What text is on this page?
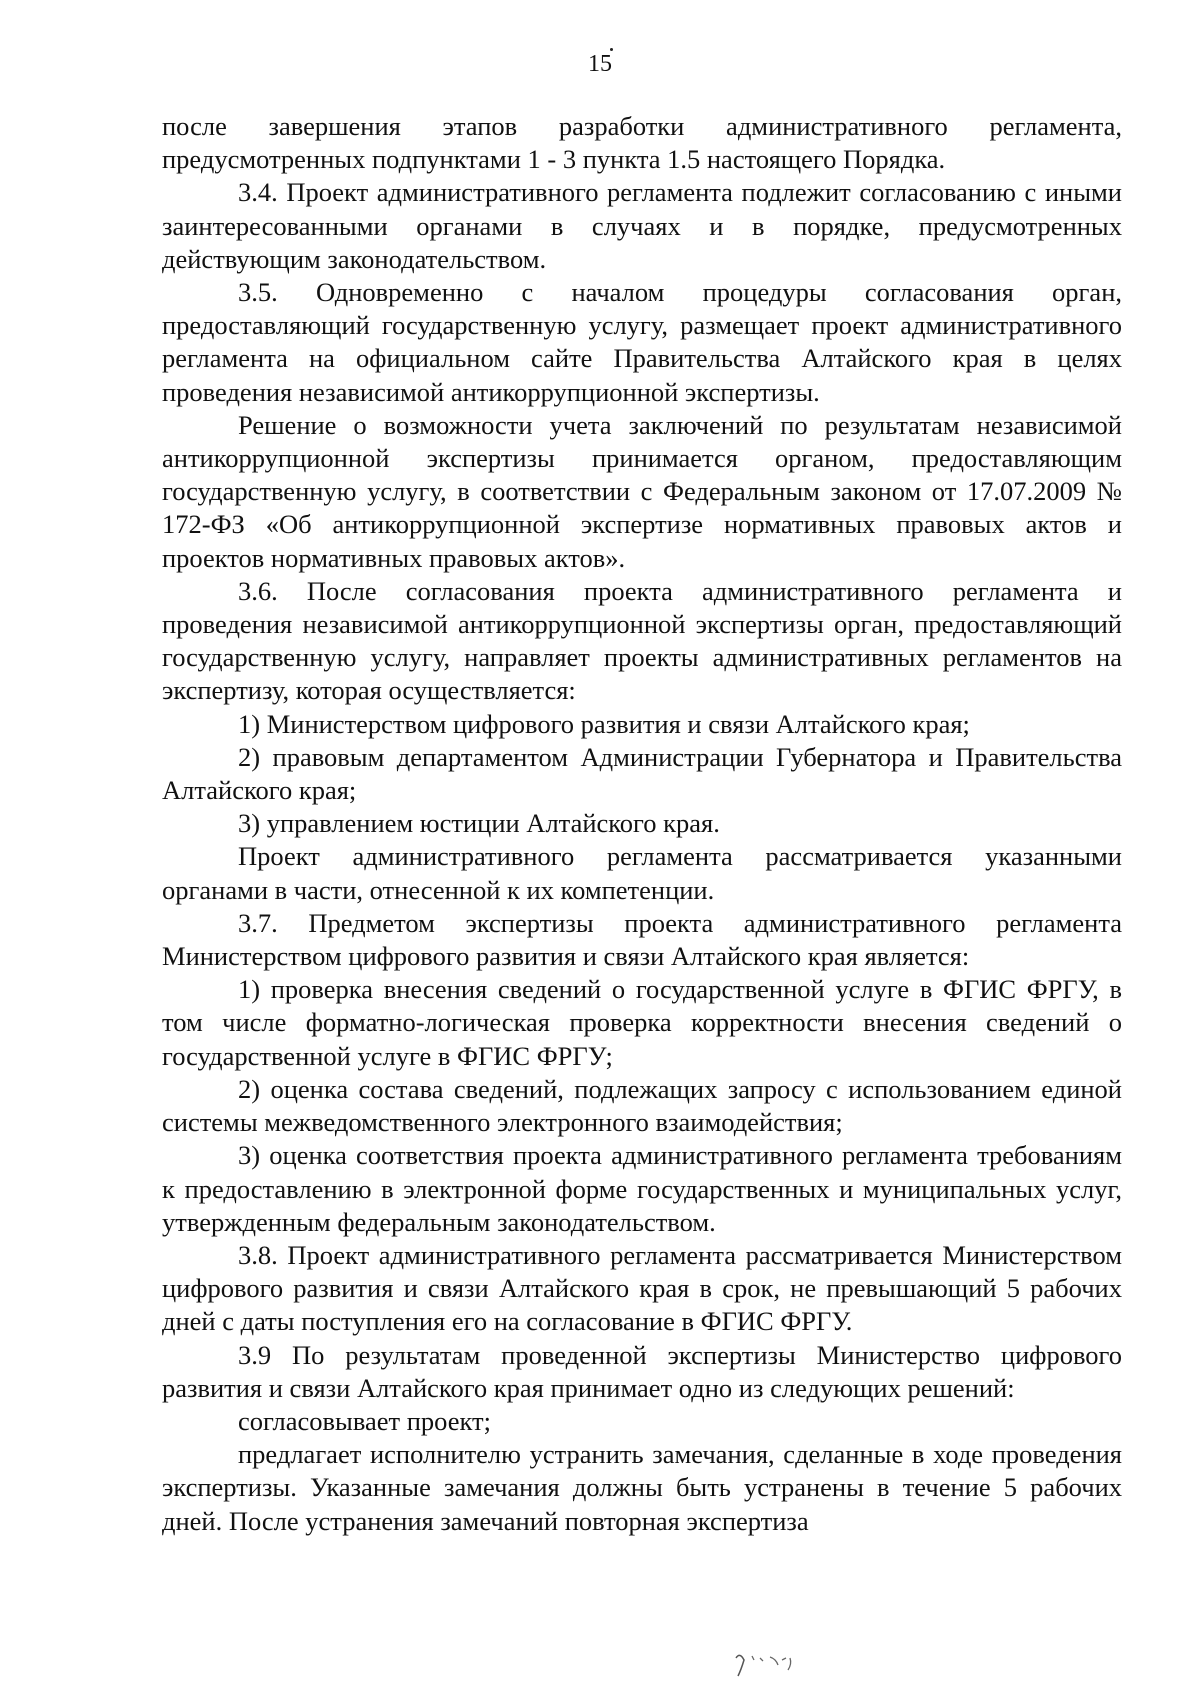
15

после завершения этапов разработки административного регламента, предусмотренных подпунктами 1 - 3 пункта 1.5 настоящего Порядка.

3.4. Проект административного регламента подлежит согласованию с иными заинтересованными органами в случаях и в порядке, предусмотренных действующим законодательством.

3.5. Одновременно с началом процедуры согласования орган, предоставляющий государственную услугу, размещает проект административного регламента на официальном сайте Правительства Алтайского края в целях проведения независимой антикоррупционной экспертизы.

Решение о возможности учета заключений по результатам независимой антикоррупционной экспертизы принимается органом, предоставляющим государственную услугу, в соответствии с Федеральным законом от 17.07.2009 № 172-ФЗ «Об антикоррупционной экспертизе нормативных правовых актов и проектов нормативных правовых актов».

3.6. После согласования проекта административного регламента и проведения независимой антикоррупционной экспертизы орган, предоставляющий государственную услугу, направляет проекты административных регламентов на экспертизу, которая осуществляется:

1) Министерством цифрового развития и связи Алтайского края;

2) правовым департаментом Администрации Губернатора и Правительства Алтайского края;

3) управлением юстиции Алтайского края.

Проект административного регламента рассматривается указанными органами в части, отнесенной к их компетенции.

3.7. Предметом экспертизы проекта административного регламента Министерством цифрового развития и связи Алтайского края является:

1) проверка внесения сведений о государственной услуге в ФГИС ФРГУ, в том числе форматно-логическая проверка корректности внесения сведений о государственной услуге в ФГИС ФРГУ;

2) оценка состава сведений, подлежащих запросу с использованием единой системы межведомственного электронного взаимодействия;

3) оценка соответствия проекта административного регламента требованиям к предоставлению в электронной форме государственных и муниципальных услуг, утвержденным федеральным законодательством.

3.8. Проект административного регламента рассматривается Министерством цифрового развития и связи Алтайского края в срок, не превышающий 5 рабочих дней с даты поступления его на согласование в ФГИС ФРГУ.

3.9 По результатам проведенной экспертизы Министерство цифрового развития и связи Алтайского края принимает одно из следующих решений:

согласовывает проект;

предлагает исполнителю устранить замечания, сделанные в ходе проведения экспертизы. Указанные замечания должны быть устранены в течение 5 рабочих дней. После устранения замечаний повторная экспертиза
